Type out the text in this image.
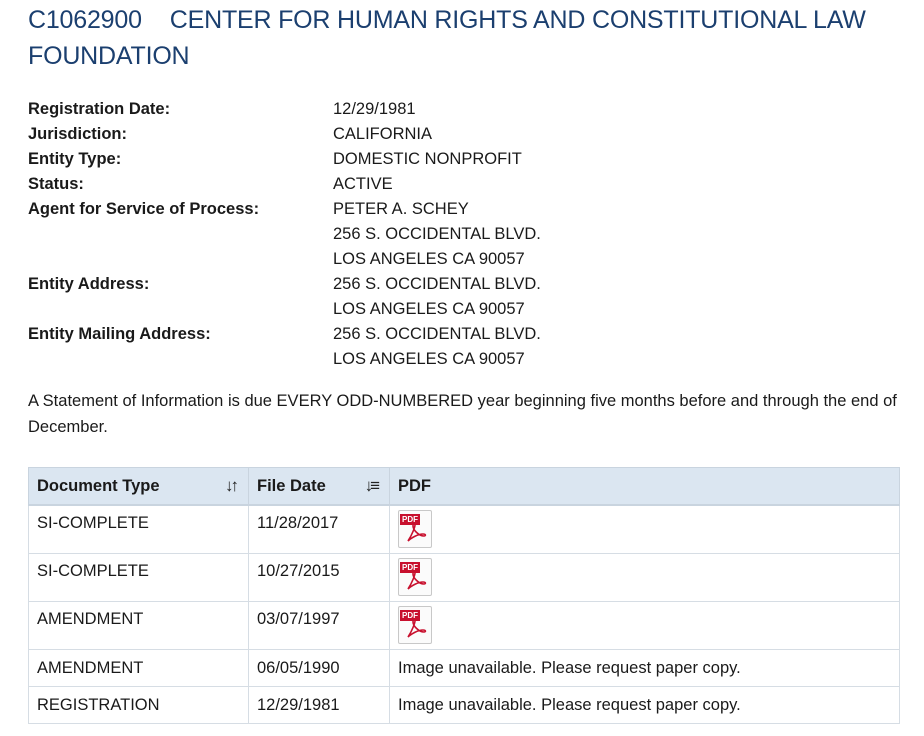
C1062900 CENTER FOR HUMAN RIGHTS AND CONSTITUTIONAL LAW FOUNDATION
Registration Date:	12/29/1981
Jurisdiction:	CALIFORNIA
Entity Type:	DOMESTIC NONPROFIT
Status:	ACTIVE
Agent for Service of Process:	PETER A. SCHEY
256 S. OCCIDENTAL BLVD.
LOS ANGELES CA 90057
Entity Address:	256 S. OCCIDENTAL BLVD.
LOS ANGELES CA 90057
Entity Mailing Address:	256 S. OCCIDENTAL BLVD.
LOS ANGELES CA 90057

A Statement of Information is due EVERY ODD-NUMBERED year beginning five months before and through the end of December.

Document Type ↓↑	File Date ↓≡	PDF
SI-COMPLETE	11/28/2017	PDF

SI-COMPLETE	10/27/2015	PDF

AMENDMENT	03/07/1997	PDF

AMENDMENT	06/05/1990	Image unavailable. Please request paper copy.
REGISTRATION	12/29/1981	Image unavailable. Please request paper copy.
